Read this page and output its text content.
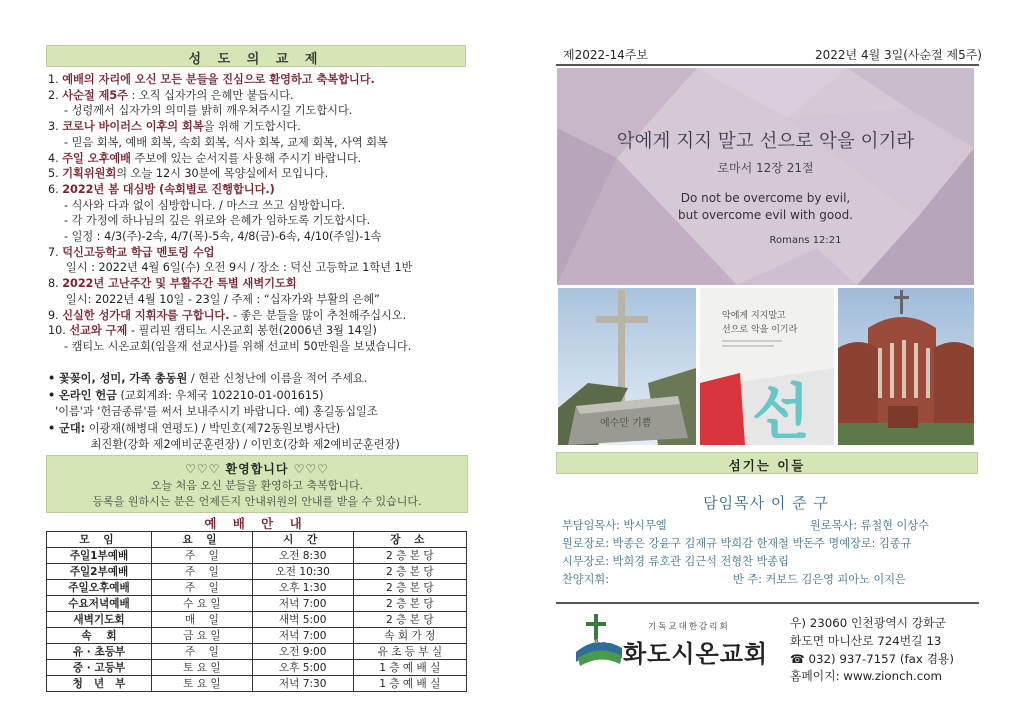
성 도 의 교 제
1. 예배의 자리에 오신 모든 분들을 진심으로 환영하고 축복합니다.
2. 사순절 제5주 : 오직 십자가의 은혜만 붙듭시다.
- 성령께서 십자가의 의미를 밝히 깨우쳐주시길 기도합시다.
3. 코로나 바이러스 이후의 회복을 위해 기도합시다.
- 믿음 회복, 예배 회복, 속회 회복, 식사 회복, 교제 회복, 사역 회복
4. 주일 오후예배 주보에 있는 순서지를 사용해 주시기 바랍니다.
5. 기획위원회의 오늘 12시 30분에 목양실에서 모입니다.
6. 2022년 봄 대심방 (속회별로 진행합니다.)
- 식사와 다과 없이 심방합니다. / 마스크 쓰고 심방합니다.
- 각 가정에 하나님의 깊은 위로와 은혜가 임하도록 기도합시다.
- 일정 : 4/3(주)-2속, 4/7(목)-5속, 4/8(금)-6속, 4/10(주일)-1속
7. 덕신고등학교 학급 멘토링 수업
일시 : 2022년 4월 6일(수) 오전 9시 / 장소 : 덕신 고등학교 1학년 1반
8. 2022년 고난주간 및 부활주간 특별 새벽기도회
일시: 2022년 4월 10일 - 23일 / 주제 : “십자가와 부활의 은혜”
9. 신실한 성가대 지휘자를 구합니다. - 좋은 분들을 많이 추천해주십시오.
10. 선교와 구제 - 필리핀 캠티노 시온교회 봉헌(2006년 3월 14일)
- 캠티노 시온교회(임을재 선교사)를 위해 선교비 50만원을 보냈습니다.
• 꽃꽂이, 성미, 가족 총동원 / 현관 신청난에 이름을 적어 주세요.
• 온라인 헌금 (교회계좌: 우체국 102210-01-001615)
'이름'과 '헌금종류'를 써서 보내주시기 바랍니다. 예) 홍길동십일조
• 군대: 이광재(해병대 연평도) / 박민호(제72동원보병사단)
최진환(강화 제2예비군훈련장) / 이민호(강화 제2예비군훈련장)
♡♡♡ 환영합니다 ♡♡♡
오늘 처음 오신 분들을 환영하고 축복합니다.
등록을 원하시는 분은 언제든지 안내위원의 안내를 받을 수 있습니다.
예 배 안 내
모 임	요 일	시 간	장 소
주일1부예배	주    일	오전 8:30	2 층 본 당
주일2부예배	주    일	오전 10:30	2 층 본 당
주일오후예배	주    일	오후 1:30	2 층 본 당
수요저녁예배	수 요 일	저녁 7:00	2 층 본 당
새벽기도회	매    일	새벽 5:00	2 층 본 당
속    회	금 요 일	저녁 7:00	속 회 가 정
유 · 초등부	주    일	오전 9:00	유 초 등 부 실
중 · 고등부	토 요 일	오후 5:00	1 층 예 배 실
청   년   부	토 요 일	저녁 7:30	1 층 예 배 실
제2022-14주보	2022년 4월 3일(사순절 제5주)
악에게 지지 말고 선으로 악을 이기라
로마서 12장 21절
Do not be overcome by evil,
but overcome evil with good.
Romans 12:21
예수만 기쁨
악에게 지지말고
선으로 악을 이기라
선
섬기는 이들
담임목사 이 준 구
부담임목사: 박시무엘	원로목사: 류철현 이상수
원로장로: 박종은 강윤구 김재규 박희감 한재철 박돈주 명예장로: 김종규
시무장로: 박희경 류호관 김근석 전형찬 박종립
찬양지휘:	반 주: 커보드 김은영 피아노 이지은
since 1905
기독교대한감리회
화도시온교회
우) 23060 인천광역시 강화군
화도면 마니산로 724번길 13
☎ 032) 937-7157 (fax 겸용)
홈페이지: www.zionch.com
